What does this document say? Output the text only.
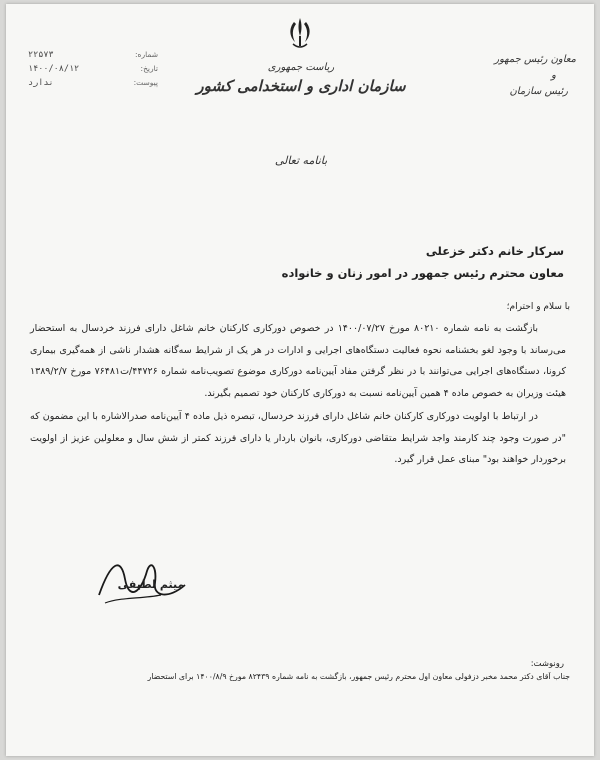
۲۲۵۷۳	شماره:
۱۴۰۰/۰۸/۱۲	تاریخ:
ندارد	پیوست:
ریاست جمهوری
سازمان اداری و استخدامی کشور
بانامه تعالی
معاون رئیس جمهور
و
رئیس سازمان
سرکار خانم دکتر خزعلی
معاون محترم رئیس جمهور در امور زنان و خانواده
با سلام و احترام؛

بازگشت به نامه شماره ۸۰۲۱۰ مورخ ۱۴۰۰/۰۷/۲۷ در خصوص دورکاری کارکنان خانم شاغل دارای فرزند خردسال به استحضار می‌رساند با وجود لغو بخشنامه نحوه فعالیت دستگاه‌های اجرایی و ادارات در هر یک از شرایط سه‌گانه هشدار ناشی از همه‌گیری بیماری کرونا، دستگاه‌های اجرایی می‌توانند با در نظر گرفتن مفاد آیین‌نامه دورکاری موضوع تصویب‌نامه شماره ۴۴۷۲۶/ت۷۶۴۸۱ مورخ ۱۳۸۹/۲/۷ هیئت وزیران به خصوص ماده ۴ همین آیین‌نامه نسبت به دورکاری کارکنان خود تصمیم بگیرند.

در ارتباط با اولویت دورکاری کارکنان خانم شاغل دارای فرزند خردسال، تبصره ذیل ماده ۴ آیین‌نامه صدرالاشاره با این مضمون که "در صورت وجود چند کارمند واجد شرایط متقاضی دورکاری، بانوان باردار یا دارای فرزند کمتر از شش سال و معلولین عزیز از اولویت برخوردار خواهند بود" مبنای عمل قرار گیرد.

میثم لطیفی
رونوشت:
جناب آقای دکتر محمد مخبر دزفولی معاون اول محترم رئیس جمهور، بازگشت به نامه شماره ۸۲۴۳۹ مورخ ۱۴۰۰/۸/۹ برای استحضار
